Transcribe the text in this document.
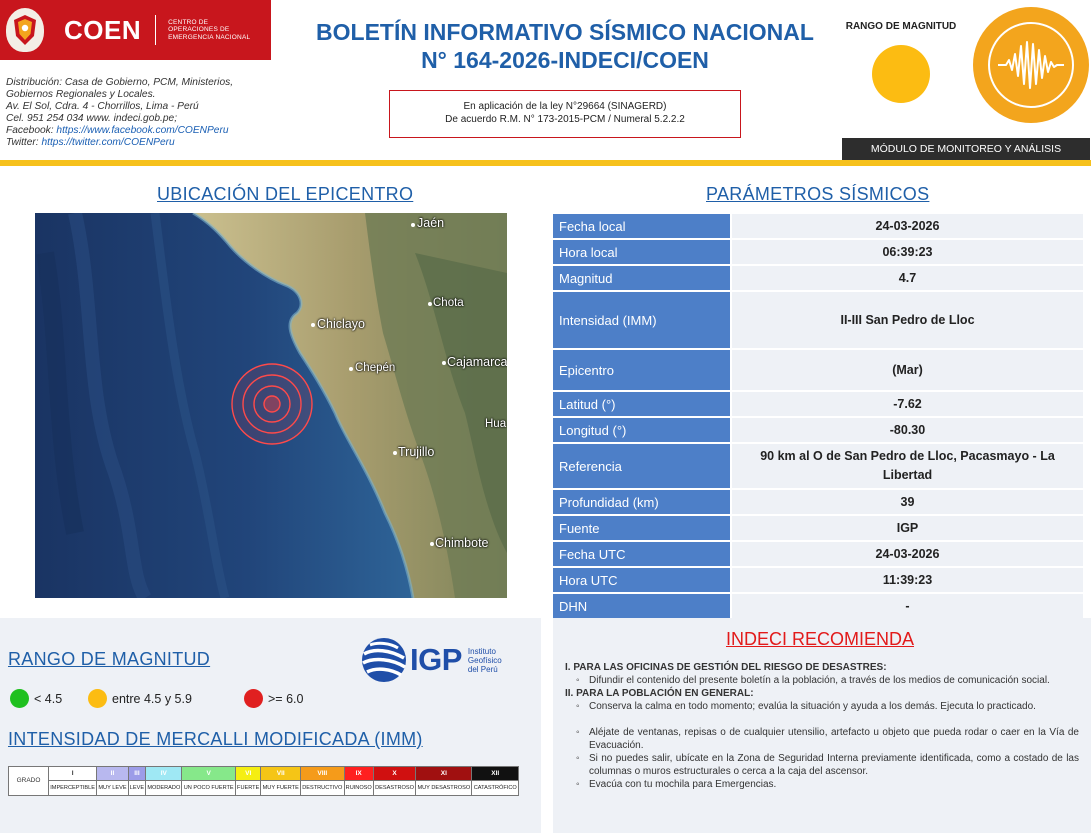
COEN	CENTRO DE
OPERACIONES DE
EMERGENCIA NACIONAL
Distribución: Casa de Gobierno, PCM, Ministerios,
Gobiernos Regionales y Locales.
Av. El Sol, Cdra. 4 - Chorrillos, Lima - Perú
Cel. 951 254 034 www. indeci.gob.pe;
Facebook: https://www.facebook.com/COENPeru
Twitter: https://twitter.com/COENPeru
BOLETÍN INFORMATIVO SÍSMICO NACIONAL
N° 164-2026-INDECI/COEN
En aplicación de la ley N°29664 (SINAGERD)
De acuerdo R.M. N° 173-2015-PCM / Numeral 5.2.2.2
RANGO DE MAGNITUD
MÓDULO DE MONITOREO Y ANÁLISIS
UBICACIÓN DEL EPICENTRO
Jaén
Chota
Chiclayo
Chepén	Cajamarca
Hua
Trujillo
Chimbote
PARÁMETROS SÍSMICOS
Fecha local	24-03-2026
Hora local	06:39:23
Magnitud	4.7
Intensidad (IMM)	II-III San Pedro de Lloc
Epicentro	(Mar)
Latitud (°)	-7.62
Longitud (°)	-80.30
Referencia
90 km al O de San Pedro de Lloc, Pacasmayo - La Libertad
Profundidad (km)	39
Fuente	IGP
Fecha UTC	24-03-2026
Hora UTC	11:39:23
DHN	-
RANGO DE MAGNITUD	IGP Instituto
Geofísico
del Perú
< 4.5	entre 4.5 y 5.9	>= 6.0
INTENSIDAD DE MERCALLI MODIFICADA (IMM)
GRADO	I	II	III	IV	V	VI	VII	VIII	IX	X	XI	XII
	IMPERCEPTIBLE	MUY LEVE	LEVE	MODERADO	UN POCO FUERTE	FUERTE	MUY FUERTE	DESTRUCTIVO	RUINOSO	DESASTROSO	MUY DESASTROSO	CATASTRÓFICO
INDECI RECOMIENDA
I. PARA LAS OFICINAS DE GESTIÓN DEL RIESGO DE DESASTRES:
◦ Difundir el contenido del presente boletín a la población, a través de los medios de comunicación social.
II. PARA LA POBLACIÓN EN GENERAL:
◦ Conserva la calma en todo momento; evalúa la situación y ayuda a los demás. Ejecuta lo practicado.
◦ Aléjate de ventanas, repisas o de cualquier utensilio, artefacto u objeto que pueda rodar o caer en la Vía de Evacuación.
◦ Si no puedes salir, ubícate en la Zona de Seguridad Interna previamente identificada, como a costado de las columnas o muros estructurales o cerca a la caja del ascensor.
◦ Evacúa con tu mochila para Emergencias.
